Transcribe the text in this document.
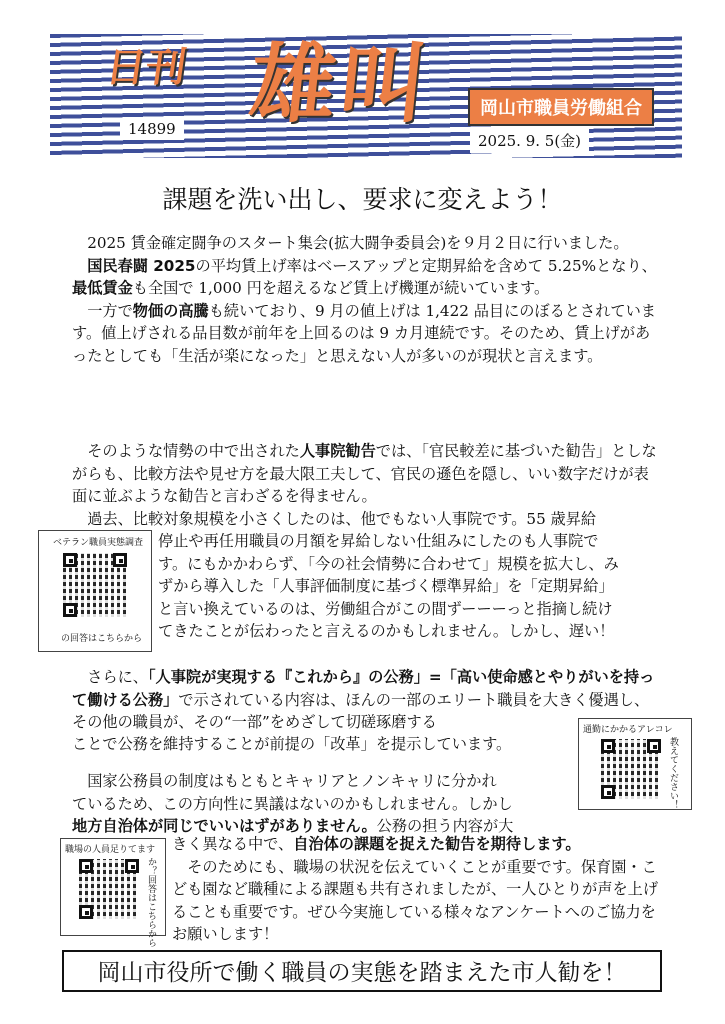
日刊 雄叫	岡山市職員労働組合
14899
2025. 9. 5(金)
課題を洗い出し、要求に変えよう！

2025 賃金確定闘争のスタート集会(拡大闘争委員会)を９月２日に行いました。

国民春闘 2025の平均賃上げ率はベースアップと定期昇給を含めて 5.25%となり、最低賃金も全国で 1,000 円を超えるなど賃上げ機運が続いています。

一方で物価の高騰も続いており、9 月の値上げは 1,422 品目にのぼるとされています。値上げされる品目数が前年を上回るのは 9 カ月連続です。そのため、賃上げがあったとしても「生活が楽になった」と思えない人が多いのが現状と言えます。

そのような情勢の中で出された人事院勧告では、「官民較差に基づいた勧告」としながらも、比較方法や見せ方を最大限工夫して、官民の遜色を隠し、いい数字だけが表面に並ぶような勧告と言わざるを得ません。

過去、比較対象規模を小さくしたのは、他でもない人事院です。55 歳昇給

ベテラン職員実態調査
の回答はこちらから

停止や再任用職員の月額を昇給しない仕組みにしたのも人事院で

す。にもかかわらず、「今の社会情勢に合わせて」規模を拡大し、み

ずから導入した「人事評価制度に基づく標準昇給」を「定期昇給」

と言い換えているのは、労働組合がこの間ずーーーっと指摘し続け

てきたことが伝わったと言えるのかもしれません。しかし、遅い！

さらに、「人事院が実現する『これから』の公務」=「高い使命感とやりがいを持って働ける公務」で示されている内容は、ほんの一部のエリート職員を大きく優遇し、その他の職員が、その“一部”をめざして切磋琢磨する

ことで公務を維持することが前提の「改革」を提示しています。

通勤にかかるアレコレ
教えてください！

国家公務員の制度はもともとキャリアとノンキャリに分かれ

ているため、この方向性に異議はないのかもしれません。しかし

地方自治体が同じでいいはずがありません。公務の担う内容が大

職場の人員足りてます
か？回答はこちらから

きく異なる中で、自治体の課題を捉えた勧告を期待します。

そのためにも、職場の状況を伝えていくことが重要です。保育園・こども園など職種による課題も共有されましたが、一人ひとりが声を上げることも重要です。ぜひ今実施している様々なアンケートへのご協力をお願いします！

岡山市役所で働く職員の実態を踏まえた市人勧を！
